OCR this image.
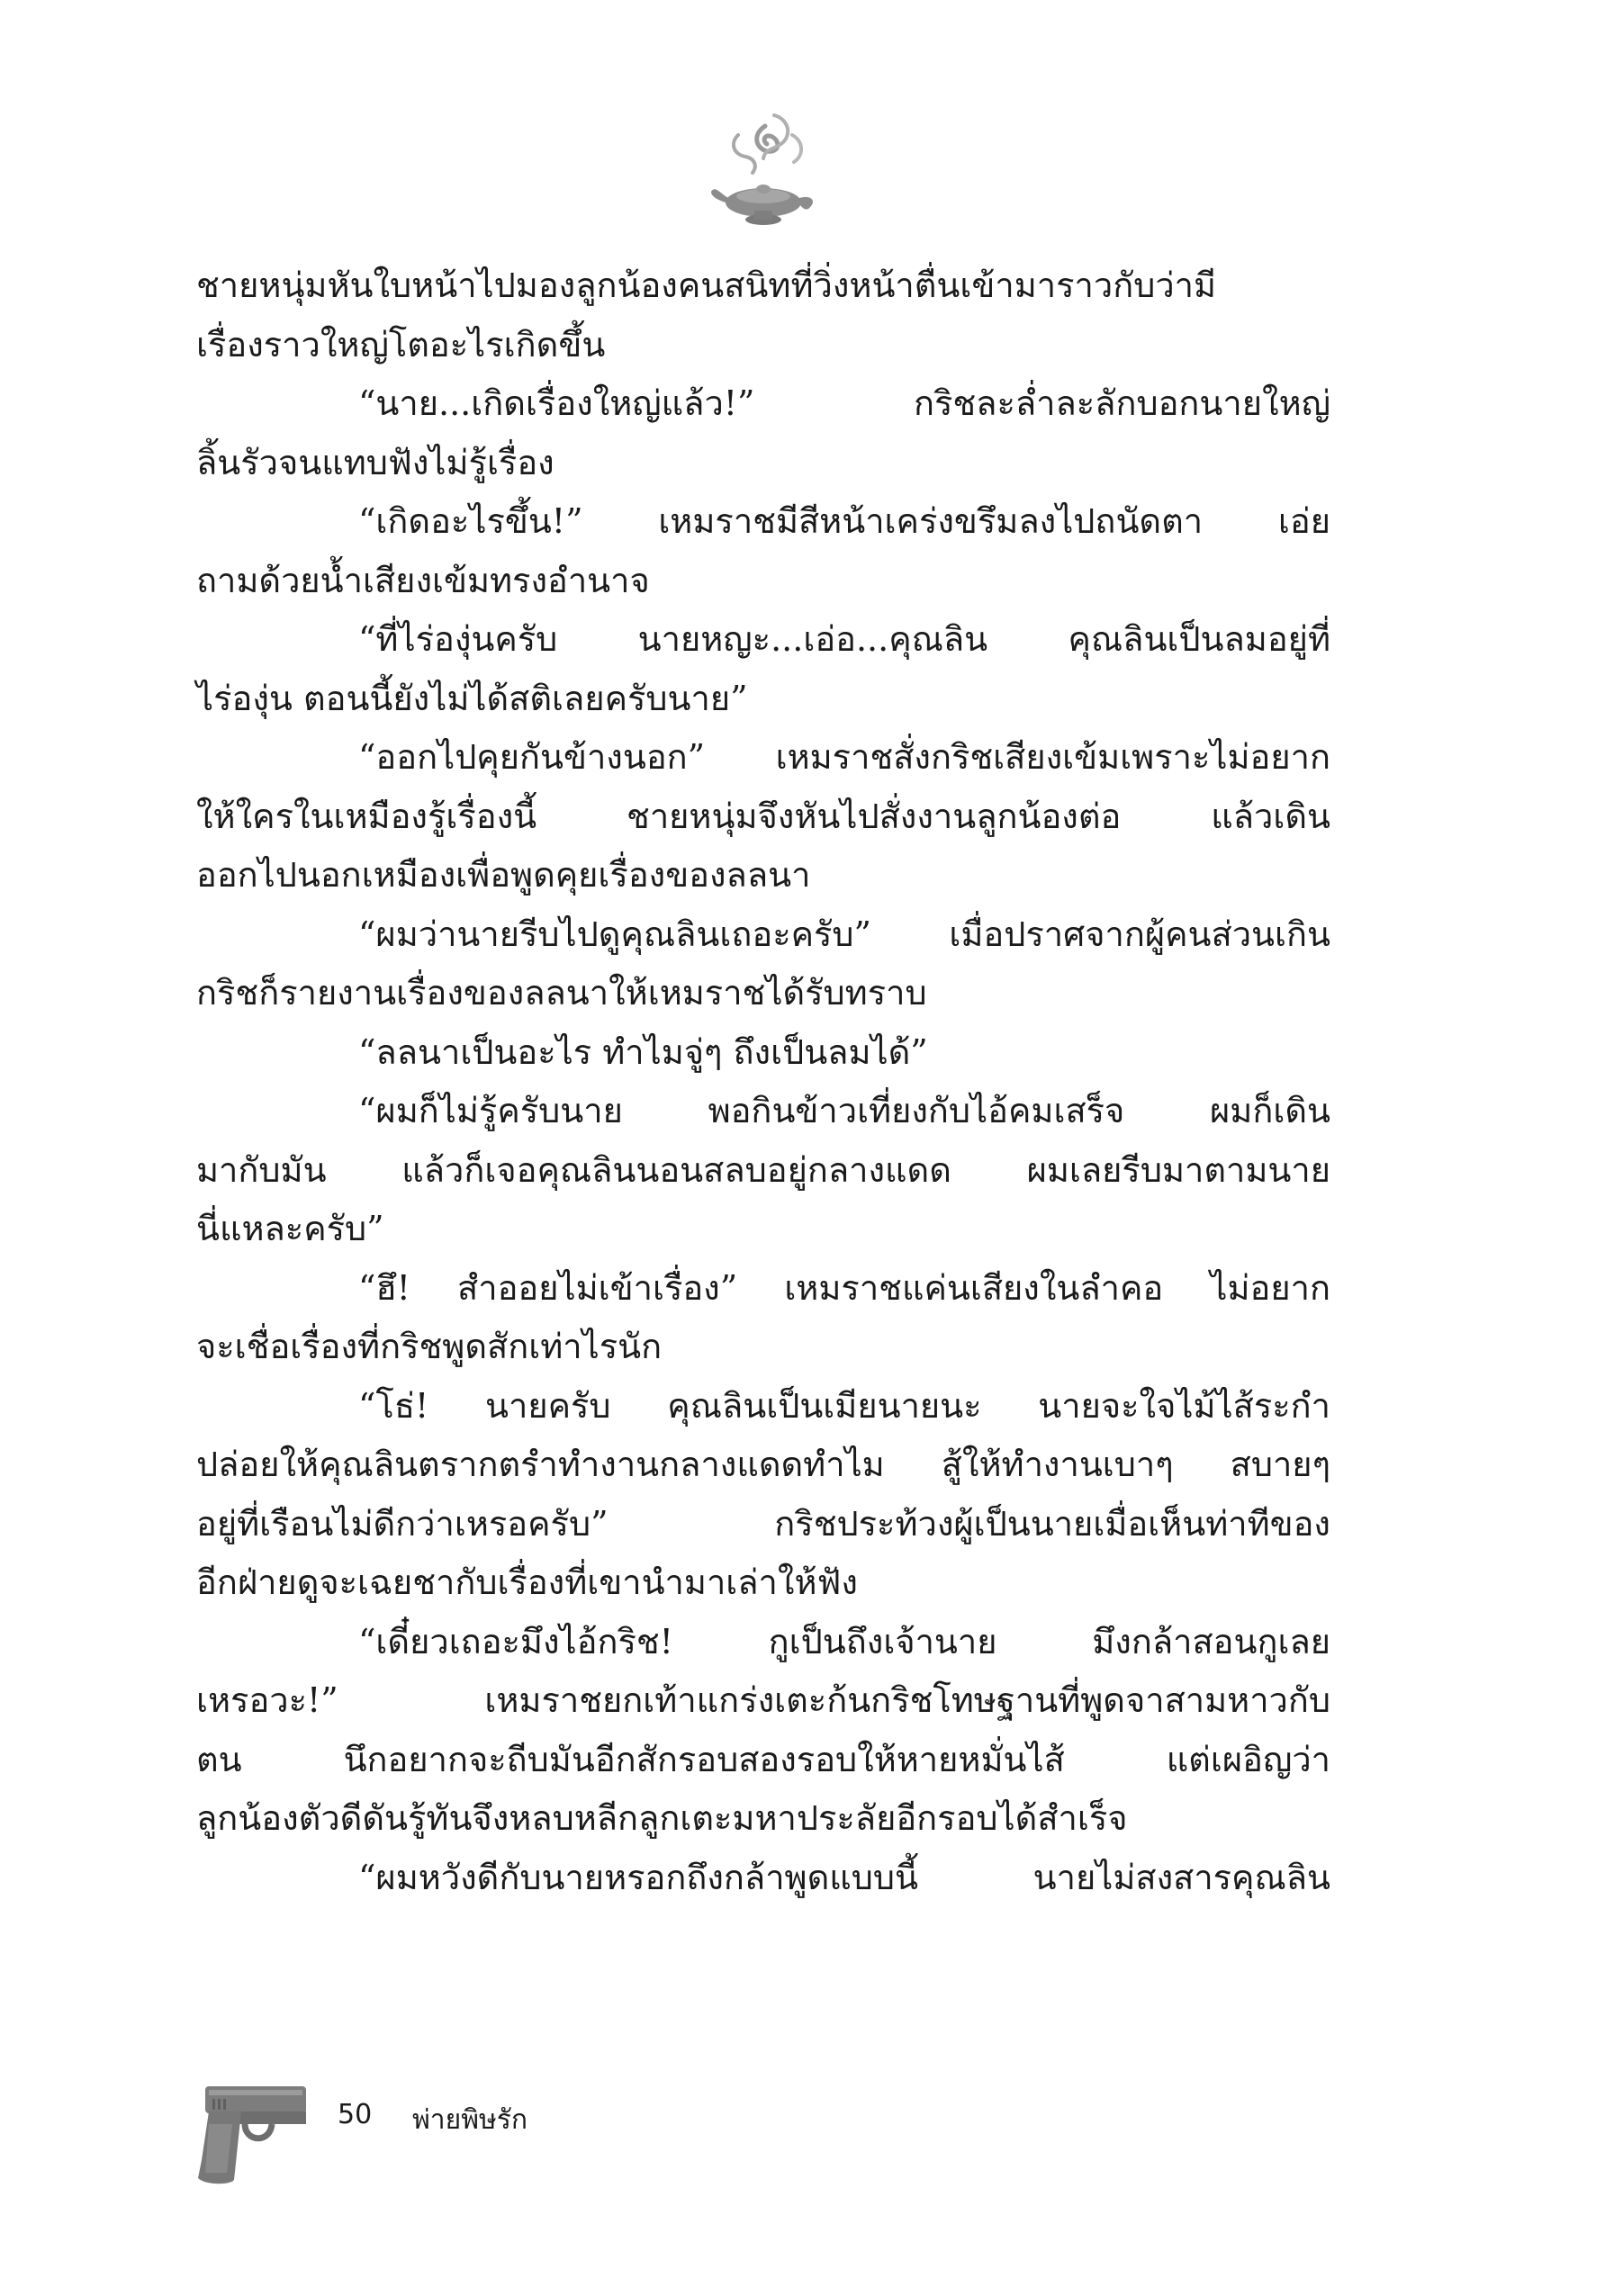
ชายหนุ่มหันใบหน้าไปมองลูกน้องคนสนิทที่วิ่งหน้าตื่นเข้ามาราวกับว่ามี
เรื่องราวใหญ่โตอะไรเกิดขึ้น
“นาย...เกิดเรื่องใหญ่แล้ว!” กริชละล่ำละลักบอกนายใหญ่
ลิ้นรัวจนแทบฟังไม่รู้เรื่อง
“เกิดอะไรขึ้น!” เหมราชมีสีหน้าเคร่งขรึมลงไปถนัดตา เอ่ย
ถามด้วยน้ำเสียงเข้มทรงอำนาจ
“ที่ไร่องุ่นครับ นายหญะ...เอ่อ...คุณลิน คุณลินเป็นลมอยู่ที่
ไร่องุ่น ตอนนี้ยังไม่ได้สติเลยครับนาย”
“ออกไปคุยกันข้างนอก” เหมราชสั่งกริชเสียงเข้มเพราะไม่อยาก
ให้ใครในเหมืองรู้เรื่องนี้ ชายหนุ่มจึงหันไปสั่งงานลูกน้องต่อ แล้วเดิน
ออกไปนอกเหมืองเพื่อพูดคุยเรื่องของลลนา
“ผมว่านายรีบไปดูคุณลินเถอะครับ” เมื่อปราศจากผู้คนส่วนเกิน
กริชก็รายงานเรื่องของลลนาให้เหมราชได้รับทราบ
“ลลนาเป็นอะไร ทำไมจู่ๆ ถึงเป็นลมได้”
“ผมก็ไม่รู้ครับนาย พอกินข้าวเที่ยงกับไอ้คมเสร็จ ผมก็เดิน
มากับมัน แล้วก็เจอคุณลินนอนสลบอยู่กลางแดด ผมเลยรีบมาตามนาย
นี่แหละครับ”
“ฮึ! สำออยไม่เข้าเรื่อง” เหมราชแค่นเสียงในลำคอ ไม่อยาก
จะเชื่อเรื่องที่กริชพูดสักเท่าไรนัก
“โธ่! นายครับ คุณลินเป็นเมียนายนะ นายจะใจไม้ไส้ระกำ
ปล่อยให้คุณลินตรากตรำทำงานกลางแดดทำไม สู้ให้ทำงานเบาๆ สบายๆ
อยู่ที่เรือนไม่ดีกว่าเหรอครับ” กริชประท้วงผู้เป็นนายเมื่อเห็นท่าทีของ
อีกฝ่ายดูจะเฉยชากับเรื่องที่เขานำมาเล่าให้ฟัง
“เดี๋ยวเถอะมึงไอ้กริช! กูเป็นถึงเจ้านาย มึงกล้าสอนกูเลย
เหรอวะ!” เหมราชยกเท้าแกร่งเตะก้นกริชโทษฐานที่พูดจาสามหาวกับ
ตน นึกอยากจะถีบมันอีกสักรอบสองรอบให้หายหมั่นไส้ แต่เผอิญว่า
ลูกน้องตัวดีดันรู้ทันจึงหลบหลีกลูกเตะมหาประลัยอีกรอบได้สำเร็จ
“ผมหวังดีกับนายหรอกถึงกล้าพูดแบบนี้ นายไม่สงสารคุณลิน
50 พ่ายพิษรัก
